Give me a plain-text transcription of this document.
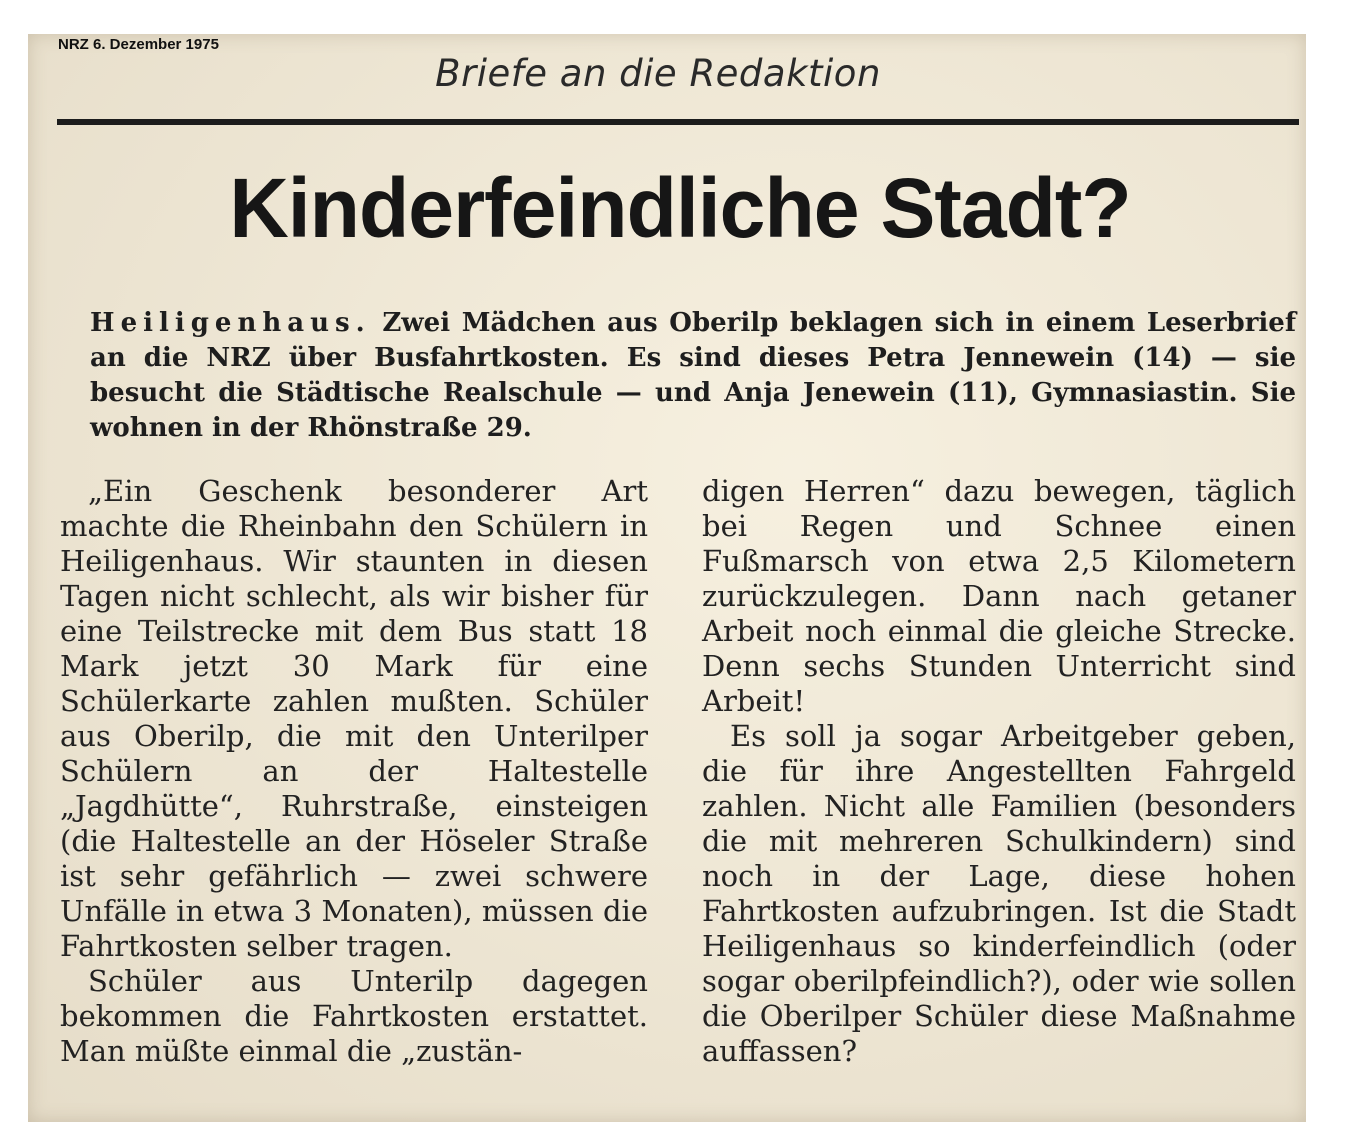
NRZ 6. Dezember 1975
Briefe an die Redaktion
Kinderfeindliche Stadt?
Heiligenhaus. Zwei Mädchen aus Oberilp beklagen sich in einem Leserbrief an die NRZ über Busfahrtkosten. Es sind dieses Petra Jennewein (14) — sie besucht die Städtische Realschule — und Anja Jenewein (11), Gymnasiastin. Sie wohnen in der Rhönstraße 29.

„Ein Geschenk besonderer Art machte die Rheinbahn den Schülern in Heiligenhaus. Wir staunten in diesen Tagen nicht schlecht, als wir bisher für eine Teilstrecke mit dem Bus statt 18 Mark jetzt 30 Mark für eine Schülerkarte zahlen mußten. Schüler aus Oberilp, die mit den Unterilper Schülern an der Haltestelle „Jagdhütte“, Ruhrstraße, einsteigen (die Haltestelle an der Höseler Straße ist sehr gefährlich — zwei schwere Unfälle in etwa 3 Monaten), müssen die Fahrtkosten selber tragen.

Schüler aus Unterilp dagegen bekommen die Fahrtkosten erstattet. Man müßte einmal die „zustän-

digen Herren“ dazu bewegen, täglich bei Regen und Schnee einen Fußmarsch von etwa 2,5 Kilometern zurückzulegen. Dann nach getaner Arbeit noch einmal die gleiche Strecke. Denn sechs Stunden Unterricht sind Arbeit!

Es soll ja sogar Arbeitgeber geben, die für ihre Angestellten Fahrgeld zahlen. Nicht alle Familien (besonders die mit mehreren Schulkindern) sind noch in der Lage, diese hohen Fahrtkosten aufzubringen. Ist die Stadt Heiligenhaus so kinderfeindlich (oder sogar oberilpfeindlich?), oder wie sollen die Oberilper Schüler diese Maßnahme auffassen?
